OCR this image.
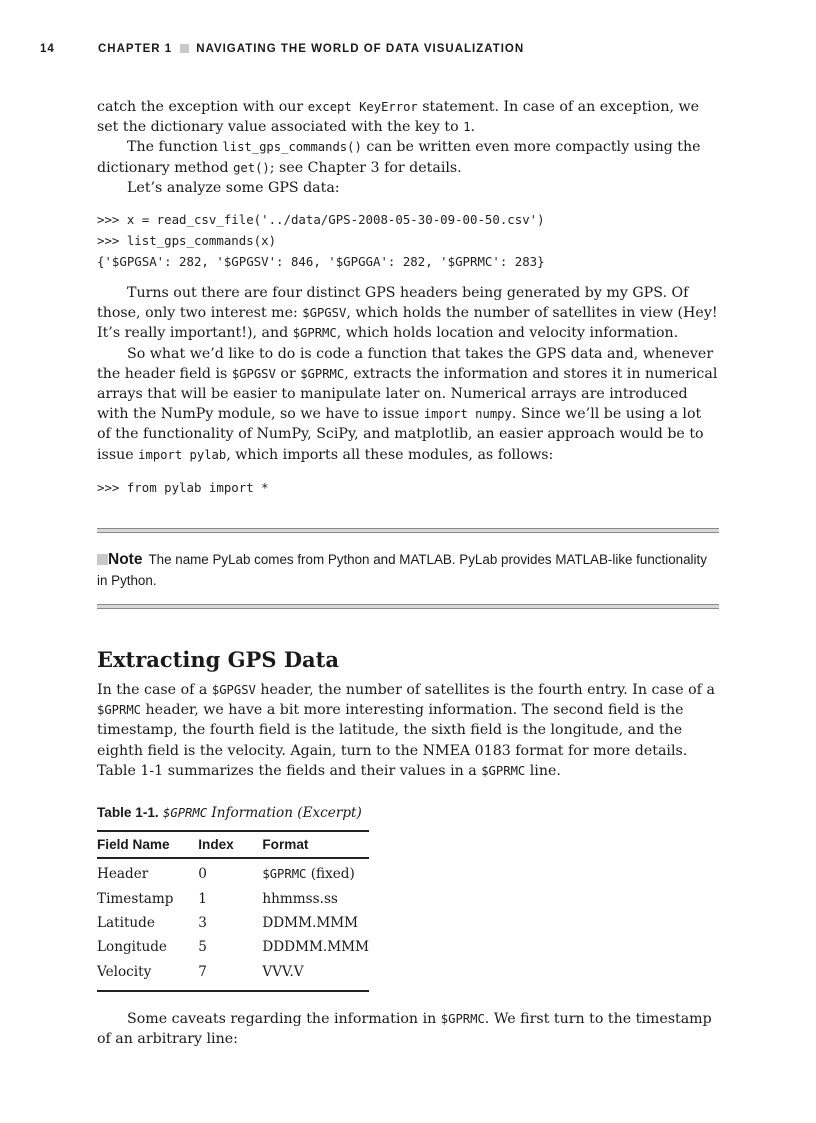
14	CHAPTER 1 NAVIGATING THE WORLD OF DATA VISUALIZATION

catch the exception with our except KeyError statement. In case of an exception, we set the dictionary value associated with the key to 1.

The function list_gps_commands() can be written even more compactly using the dictionary method get(); see Chapter 3 for details.

Let’s analyze some GPS data:

>>> x = read_csv_file('../data/GPS-2008-05-30-09-00-50.csv')
>>> list_gps_commands(x)
{'$GPGSA': 282, '$GPGSV': 846, '$GPGGA': 282, '$GPRMC': 283}

Turns out there are four distinct GPS headers being generated by my GPS. Of those, only two interest me: $GPGSV, which holds the number of satellites in view (Hey! It’s really important!), and $GPRMC, which holds location and velocity information.

So what we’d like to do is code a function that takes the GPS data and, whenever the header field is $GPGSV or $GPRMC, extracts the information and stores it in numerical arrays that will be easier to manipulate later on. Numerical arrays are introduced with the NumPy module, so we have to issue import numpy. Since we’ll be using a lot of the functionality of NumPy, SciPy, and matplotlib, an easier approach would be to issue import pylab, which imports all these modules, as follows:

>>> from pylab import *
Note The name PyLab comes from Python and MATLAB. PyLab provides MATLAB-like functionality in Python.
Extracting GPS Data

In the case of a $GPGSV header, the number of satellites is the fourth entry. In case of a $GPRMC header, we have a bit more interesting information. The second field is the timestamp, the fourth field is the latitude, the sixth field is the longitude, and the eighth field is the velocity. Again, turn to the NMEA 0183 format for more details. Table 1-1 summarizes the fields and their values in a $GPRMC line.

Table 1-1. $GPRMC Information (Excerpt)
Field Name	Index	Format
Header	0	$GPRMC (fixed)
Timestamp	1	hhmmss.ss
Latitude	3	DDMM.MMM
Longitude	5	DDDMM.MMM
Velocity	7	VVV.V

Some caveats regarding the information in $GPRMC. We first turn to the timestamp of an arbitrary line:
